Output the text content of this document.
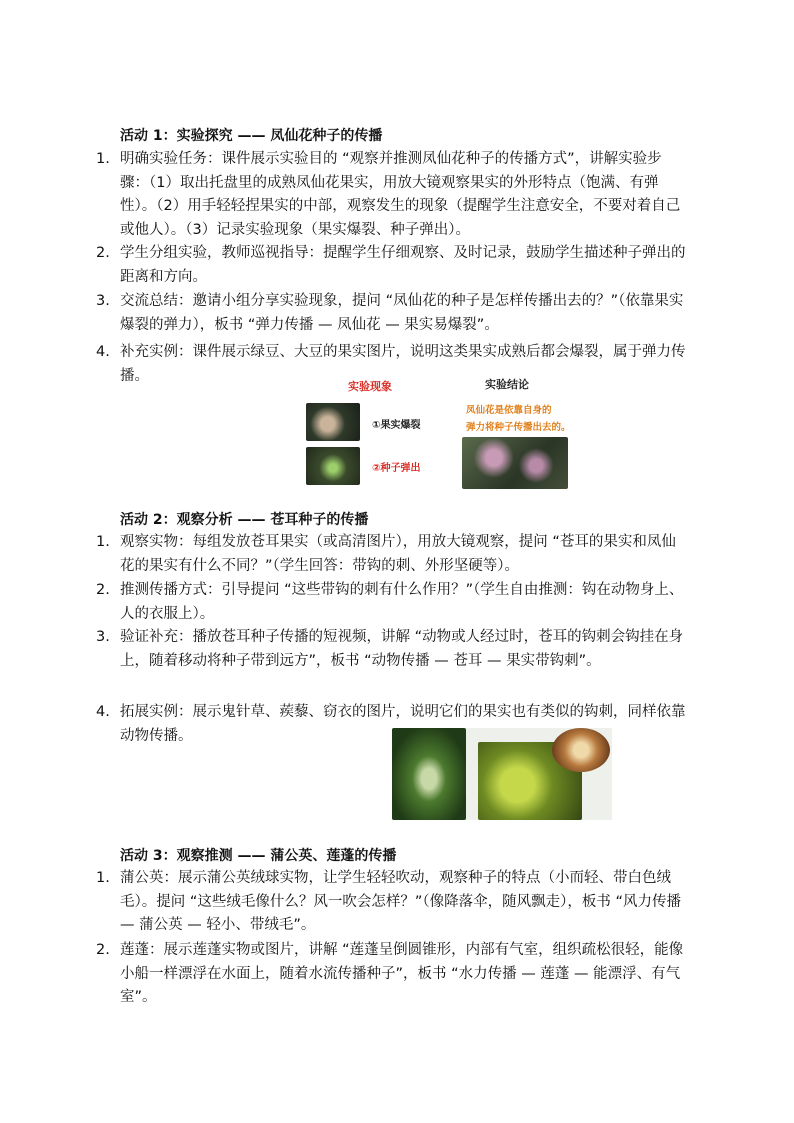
活动 1：实验探究 —— 凤仙花种子的传播
1. 明确实验任务：课件展示实验目的 “观察并推测凤仙花种子的传播方式”，讲解实验步骤：（1）取出托盘里的成熟凤仙花果实，用放大镜观察果实的外形特点（饱满、有弹性）。（2）用手轻轻捏果实的中部，观察发生的现象（提醒学生注意安全，不要对着自己或他人）。（3）记录实验现象（果实爆裂、种子弹出）。
2. 学生分组实验，教师巡视指导：提醒学生仔细观察、及时记录，鼓励学生描述种子弹出的距离和方向。
3. 交流总结：邀请小组分享实验现象，提问 “凤仙花的种子是怎样传播出去的？”（依靠果实爆裂的弹力），板书 “弹力传播 — 凤仙花 — 果实易爆裂”。
4. 补充实例：课件展示绿豆、大豆的果实图片，说明这类果实成熟后都会爆裂，属于弹力传播。
实验现象
①果实爆裂
②种子弹出
实验结论
凤仙花是依靠自身的
弹力将种子传播出去的。
活动 2：观察分析 —— 苍耳种子的传播
1. 观察实物：每组发放苍耳果实（或高清图片），用放大镜观察，提问 “苍耳的果实和凤仙花的果实有什么不同？”（学生回答：带钩的刺、外形坚硬等）。
2. 推测传播方式：引导提问 “这些带钩的刺有什么作用？”（学生自由推测：钩在动物身上、人的衣服上）。
3. 验证补充：播放苍耳种子传播的短视频，讲解 “动物或人经过时，苍耳的钩刺会钩挂在身上，随着移动将种子带到远方”，板书 “动物传播 — 苍耳 — 果实带钩刺”。
4. 拓展实例：展示鬼针草、蒺藜、窃衣的图片，说明它们的果实也有类似的钩刺，同样依靠动物传播。
活动 3：观察推测 —— 蒲公英、莲蓬的传播
1. 蒲公英：展示蒲公英绒球实物，让学生轻轻吹动，观察种子的特点（小而轻、带白色绒毛）。提问 “这些绒毛像什么？风一吹会怎样？”（像降落伞，随风飘走），板书 “风力传播 — 蒲公英 — 轻小、带绒毛”。
2. 莲蓬：展示莲蓬实物或图片，讲解 “莲蓬呈倒圆锥形，内部有气室，组织疏松很轻，能像小船一样漂浮在水面上，随着水流传播种子”，板书 “水力传播 — 莲蓬 — 能漂浮、有气室”。
